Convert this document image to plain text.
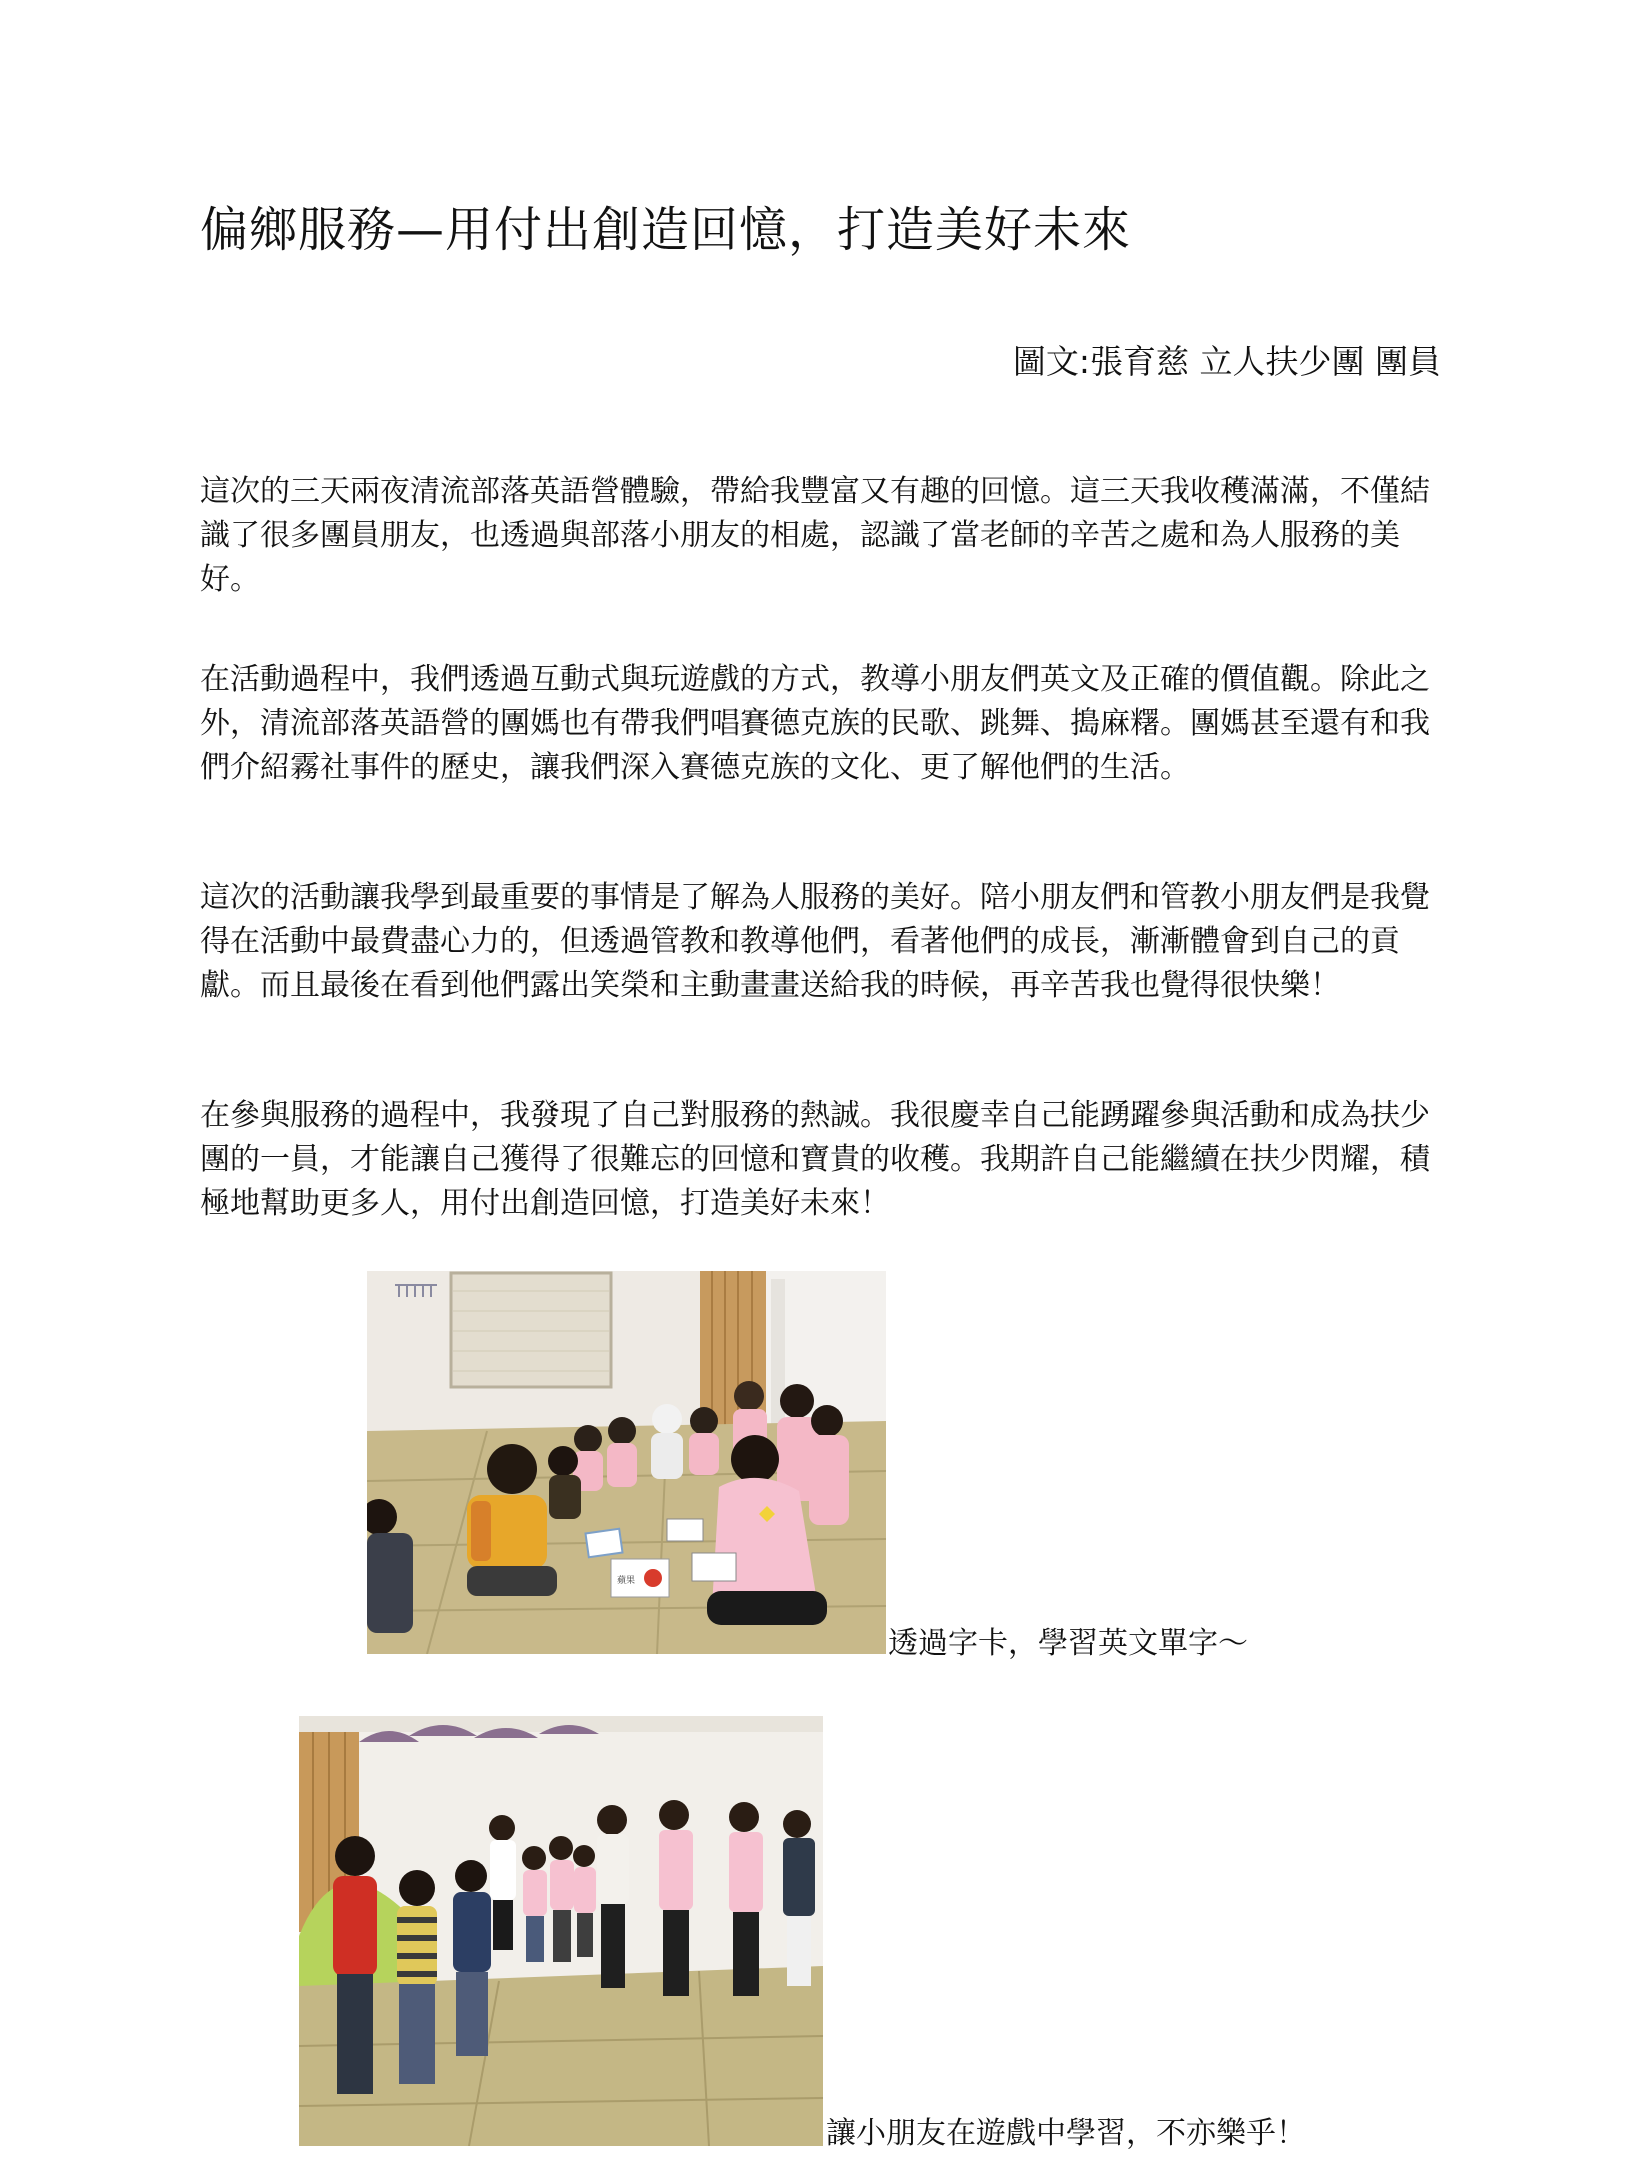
偏鄉服務—用付出創造回憶，打造美好未來
圖文:張育慈 立人扶少團 團員

這次的三天兩夜清流部落英語營體驗，帶給我豐富又有趣的回憶。這三天我收穫滿滿，不僅結識了很多團員朋友，也透過與部落小朋友的相處，認識了當老師的辛苦之處和為人服務的美好。

在活動過程中，我們透過互動式與玩遊戲的方式，教導小朋友們英文及正確的價值觀。除此之外，清流部落英語營的團媽也有帶我們唱賽德克族的民歌、跳舞、搗麻糬。團媽甚至還有和我們介紹霧社事件的歷史，讓我們深入賽德克族的文化、更了解他們的生活。

這次的活動讓我學到最重要的事情是了解為人服務的美好。陪小朋友們和管教小朋友們是我覺得在活動中最費盡心力的，但透過管教和教導他們，看著他們的成長，漸漸體會到自己的貢獻。而且最後在看到他們露出笑榮和主動畫畫送給我的時候，再辛苦我也覺得很快樂！

在參與服務的過程中，我發現了自己對服務的熱誠。我很慶幸自己能踴躍參與活動和成為扶少團的一員，才能讓自己獲得了很難忘的回憶和寶貴的收穫。我期許自己能繼續在扶少閃耀，積極地幫助更多人，用付出創造回憶，打造美好未來！

蘋果
透過字卡，學習英文單字～
讓小朋友在遊戲中學習，不亦樂乎！
